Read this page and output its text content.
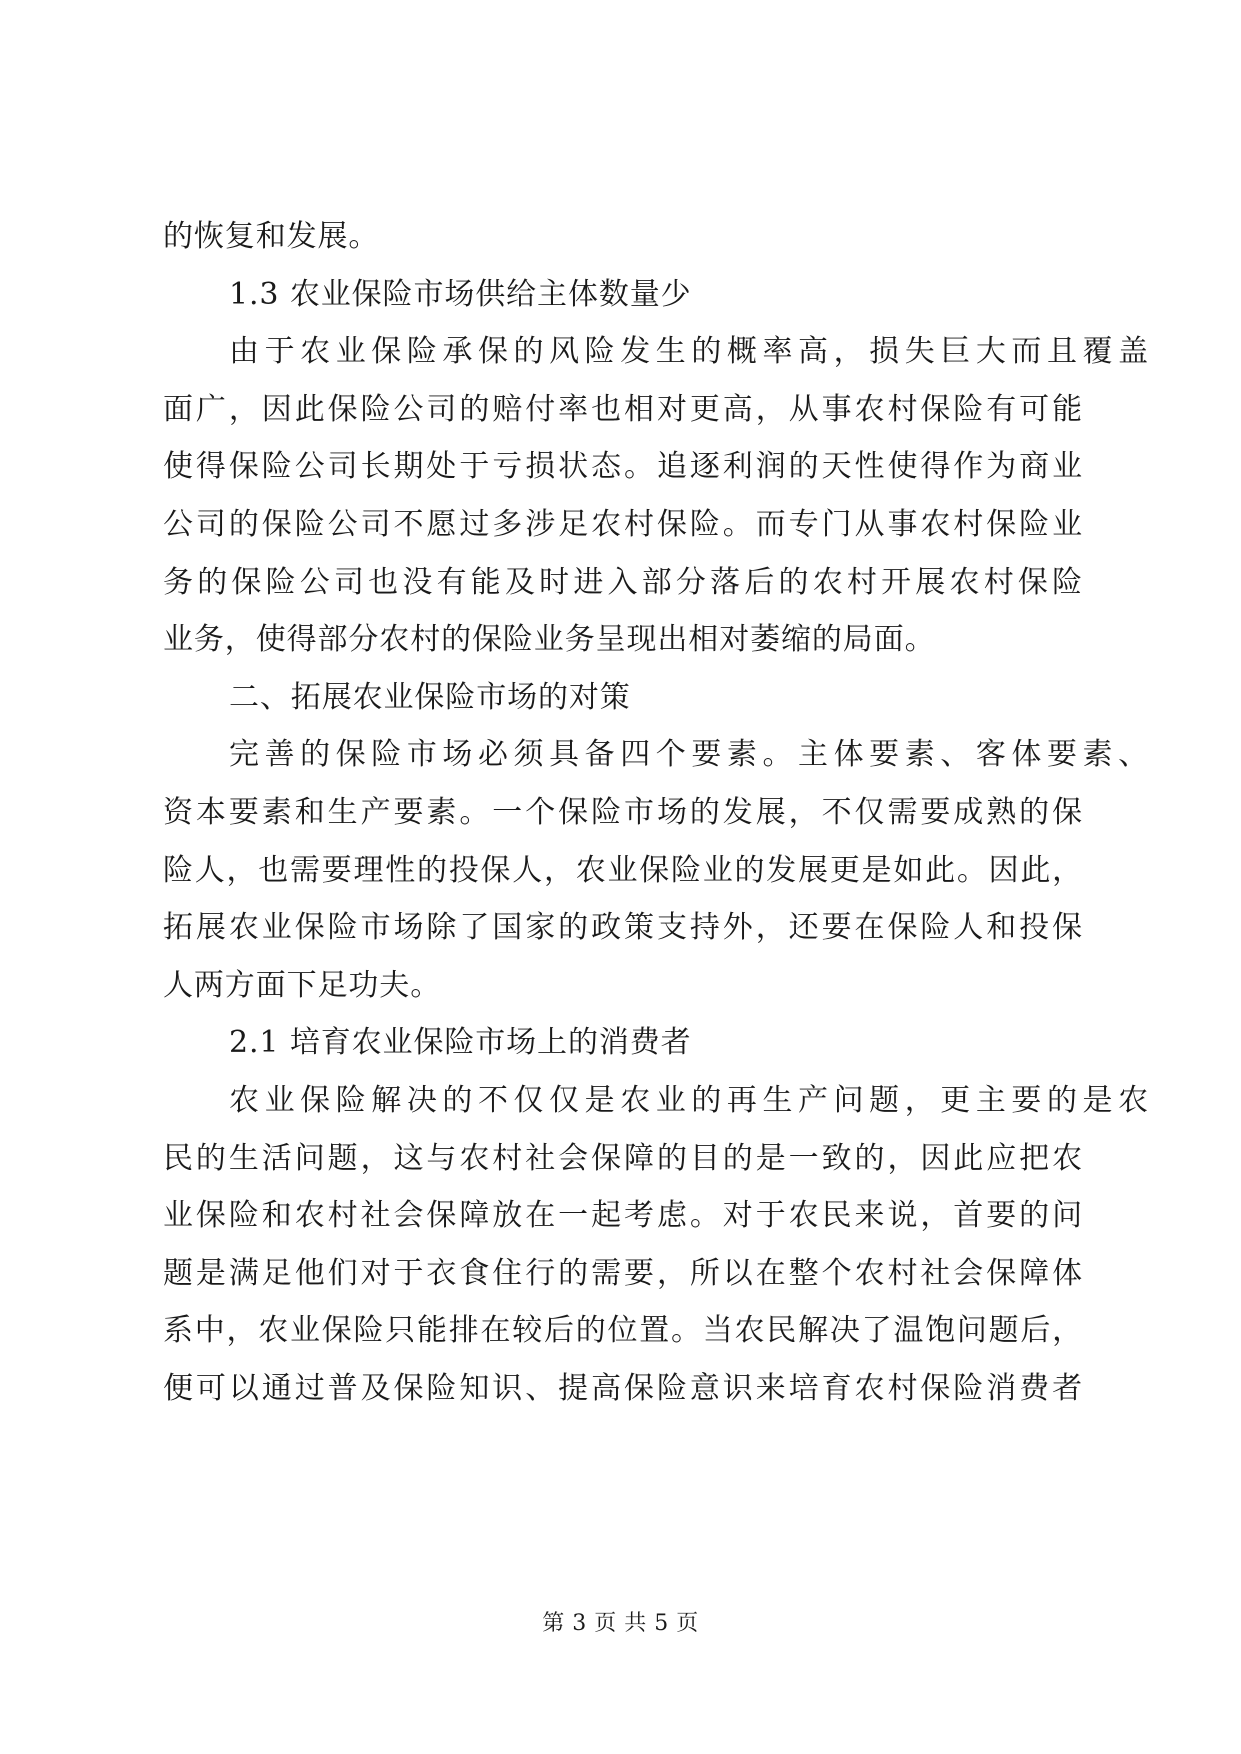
的恢复和发展。
1.3 农业保险市场供给主体数量少
由于农业保险承保的风险发生的概率高，损失巨大而且覆盖
面广，因此保险公司的赔付率也相对更高，从事农村保险有可能
使得保险公司长期处于亏损状态。追逐利润的天性使得作为商业
公司的保险公司不愿过多涉足农村保险。而专门从事农村保险业
务的保险公司也没有能及时进入部分落后的农村开展农村保险
业务，使得部分农村的保险业务呈现出相对萎缩的局面。
二、拓展农业保险市场的对策
完善的保险市场必须具备四个要素。主体要素、客体要素、
资本要素和生产要素。一个保险市场的发展，不仅需要成熟的保
险人，也需要理性的投保人，农业保险业的发展更是如此。因此，
拓展农业保险市场除了国家的政策支持外，还要在保险人和投保
人两方面下足功夫。
2.1 培育农业保险市场上的消费者
农业保险解决的不仅仅是农业的再生产问题，更主要的是农
民的生活问题，这与农村社会保障的目的是一致的，因此应把农
业保险和农村社会保障放在一起考虑。对于农民来说，首要的问
题是满足他们对于衣食住行的需要，所以在整个农村社会保障体
系中，农业保险只能排在较后的位置。当农民解决了温饱问题后，
便可以通过普及保险知识、提高保险意识来培育农村保险消费者
第 3 页 共 5 页
